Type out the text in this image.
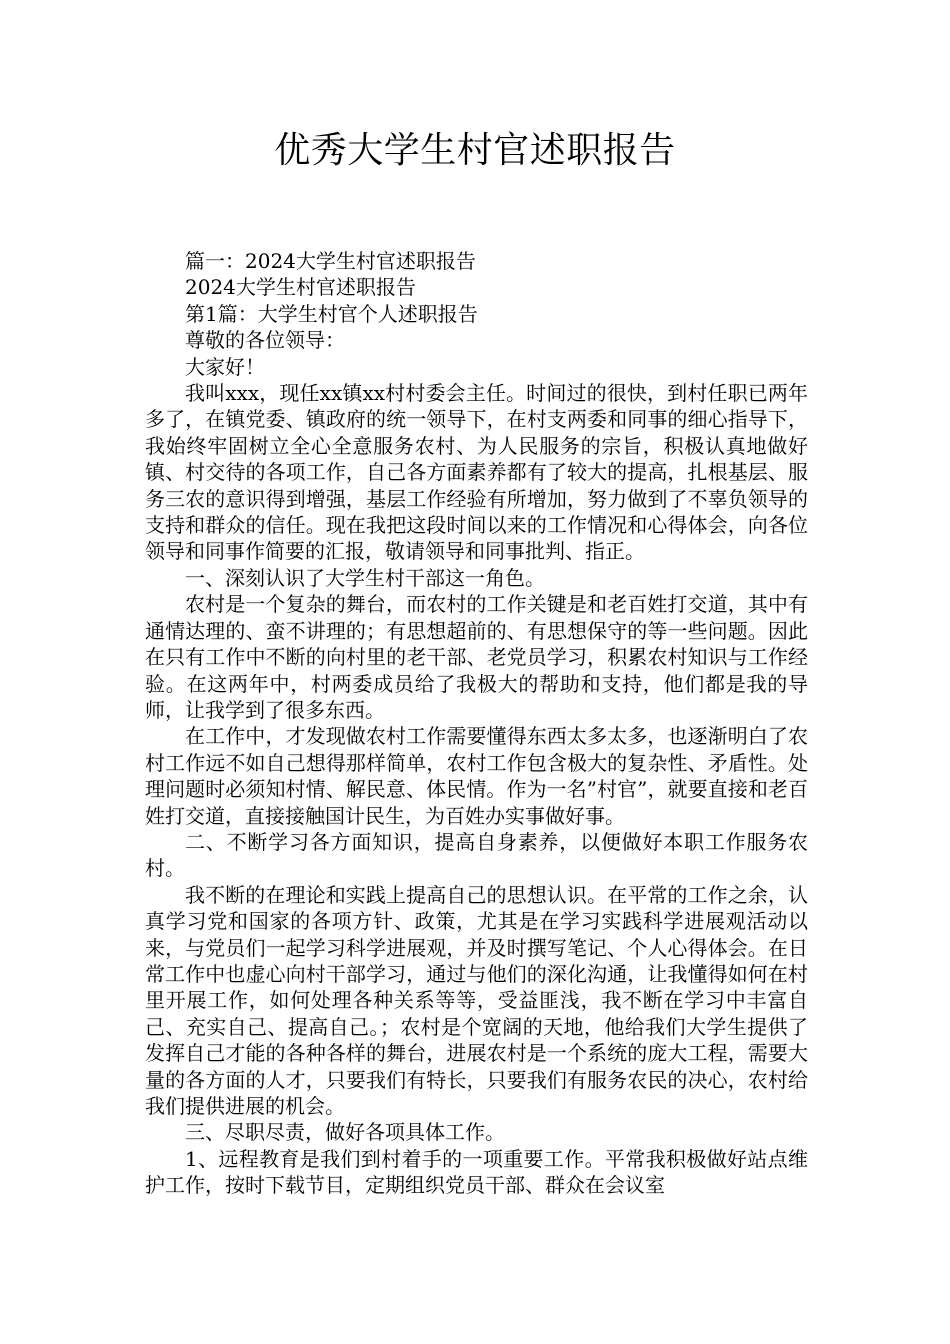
优秀大学生村官述职报告

篇一：2024大学生村官述职报告

2024大学生村官述职报告

第1篇：大学生村官个人述职报告

尊敬的各位领导：

大家好！

我叫xxx，现任xx镇xx村村委会主任。时间过的很快，到村任职已两年多了，在镇党委、镇政府的统一领导下，在村支两委和同事的细心指导下，我始终牢固树立全心全意服务农村、为人民服务的宗旨，积极认真地做好镇、村交待的各项工作，自己各方面素养都有了较大的提高，扎根基层、服务三农的意识得到增强，基层工作经验有所增加，努力做到了不辜负领导的支持和群众的信任。现在我把这段时间以来的工作情况和心得体会，向各位领导和同事作简要的汇报，敬请领导和同事批判、指正。

一、深刻认识了大学生村干部这一角色。

农村是一个复杂的舞台，而农村的工作关键是和老百姓打交道，其中有通情达理的、蛮不讲理的；有思想超前的、有思想保守的等一些问题。因此在只有工作中不断的向村里的老干部、老党员学习，积累农村知识与工作经验。在这两年中，村两委成员给了我极大的帮助和支持，他们都是我的导师，让我学到了很多东西。

在工作中，才发现做农村工作需要懂得东西太多太多，也逐渐明白了农村工作远不如自己想得那样简单，农村工作包含极大的复杂性、矛盾性。处理问题时必须知村情、解民意、体民情。作为一名”村官”，就要直接和老百姓打交道，直接接触国计民生，为百姓办实事做好事。

二、不断学习各方面知识，提高自身素养，以便做好本职工作服务农村。

我不断的在理论和实践上提高自己的思想认识。在平常的工作之余，认真学习党和国家的各项方针、政策，尤其是在学习实践科学进展观活动以来，与党员们一起学习科学进展观，并及时撰写笔记、个人心得体会。在日常工作中也虚心向村干部学习，通过与他们的深化沟通，让我懂得如何在村里开展工作，如何处理各种关系等等，受益匪浅，我不断在学习中丰富自己、充实自己、提高自己。；农村是个宽阔的天地，他给我们大学生提供了发挥自己才能的各种各样的舞台，进展农村是一个系统的庞大工程，需要大量的各方面的人才，只要我们有特长，只要我们有服务农民的决心，农村给我们提供进展的机会。

三、尽职尽责，做好各项具体工作。

1、远程教育是我们到村着手的一项重要工作。平常我积极做好站点维护工作，按时下载节目，定期组织党员干部、群众在会议室
